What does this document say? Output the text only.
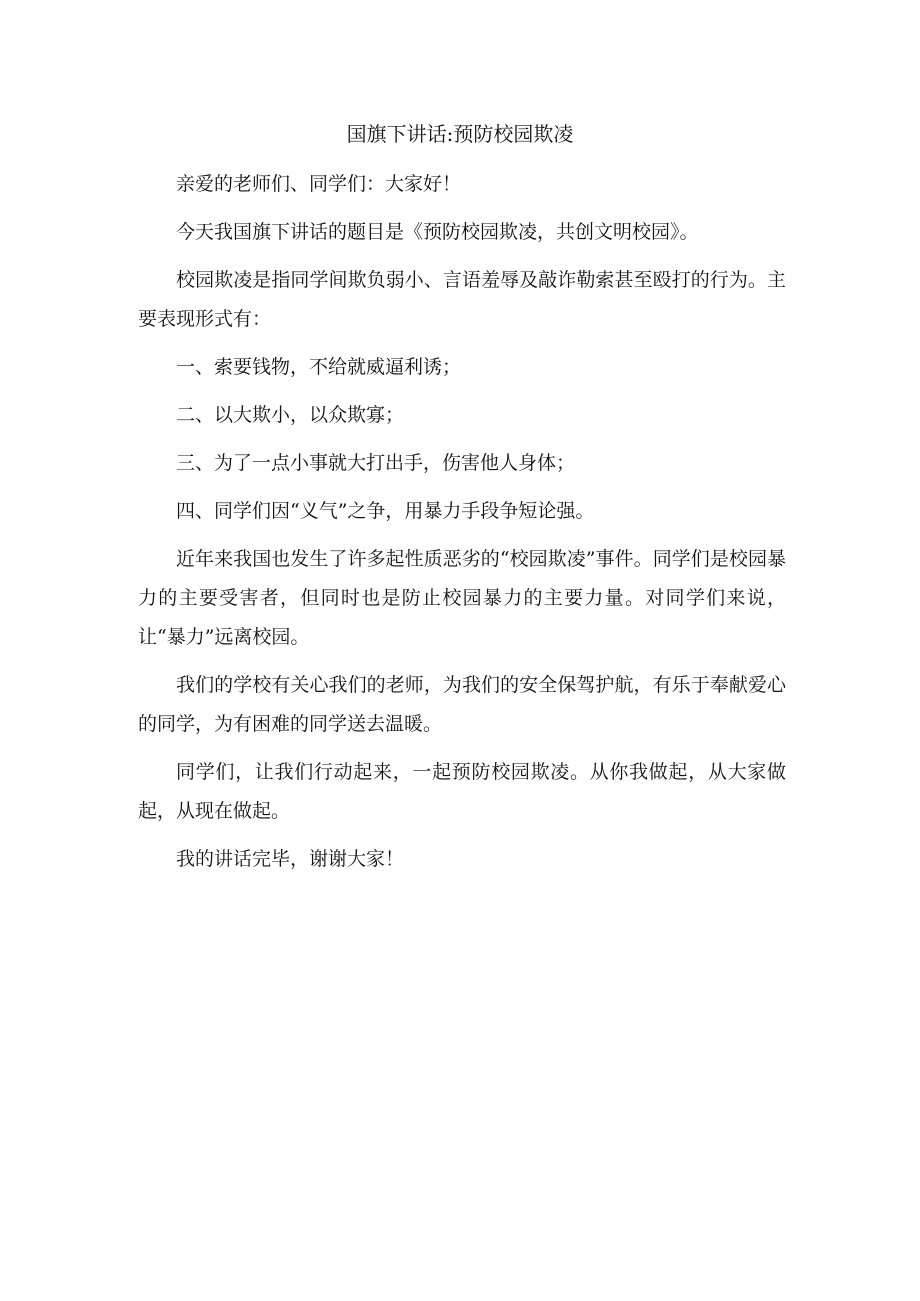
国旗下讲话:预防校园欺凌

亲爱的老师们、同学们：大家好！

今天我国旗下讲话的题目是《预防校园欺凌，共创文明校园》。

校园欺凌是指同学间欺负弱小、言语羞辱及敲诈勒索甚至殴打的行为。主要表现形式有：

一、索要钱物，不给就威逼利诱；

二、以大欺小，以众欺寡；

三、为了一点小事就大打出手，伤害他人身体；

四、同学们因“义气”之争，用暴力手段争短论强。

近年来我国也发生了许多起性质恶劣的“校园欺凌”事件。同学们是校园暴力的主要受害者，但同时也是防止校园暴力的主要力量。对同学们来说，让“暴力”远离校园。

我们的学校有关心我们的老师，为我们的安全保驾护航，有乐于奉献爱心的同学，为有困难的同学送去温暖。

同学们，让我们行动起来，一起预防校园欺凌。从你我做起，从大家做起，从现在做起。

我的讲话完毕，谢谢大家！
